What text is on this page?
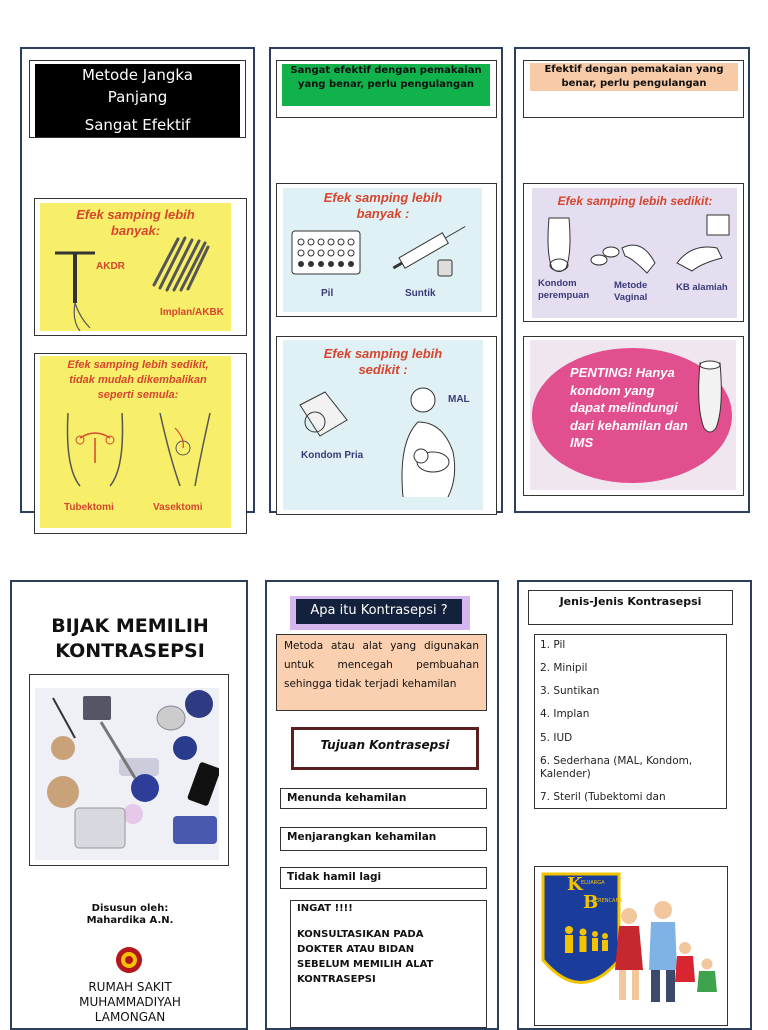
Metode Jangka
Panjang
Sangat Efektif
Efek samping lebih banyak:
AKDR
Implan/AKBK
Efek samping lebih sedikit, tidak mudah dikembalikan seperti semula:
Tubektomi	Vasektomi
Sangat efektif dengan pemakaian yang benar, perlu pengulangan
Efek samping lebih banyak :
Pil	Suntik
Efek samping lebih sedikit :
Kondom Pria
MAL
Efektif dengan pemakaian yang benar, perlu pengulangan
Efek samping lebih sedikit:
Kondom perempuan
Metode Vaginal
KB alamiah
PENTING! Hanya kondom yang dapat melindungi dari kehamilan dan IMS
BIJAK MEMILIH KONTRASEPSI
Disusun oleh:
Mahardika A.N.
RUMAH SAKIT
MUHAMMADIYAH
LAMONGAN
Apa itu Kontrasepsi ?
Metoda atau alat yang digunakan untuk mencegah pembuahan sehingga tidak terjadi kehamilan
Tujuan Kontrasepsi
Menunda kehamilan
Menjarangkan kehamilan
Tidak hamil lagi
INGAT !!!!
KONSULTASIKAN PADA DOKTER ATAU BIDAN SEBELUM MEMILIH ALAT KONTRASEPSI
Jenis-Jenis Kontrasepsi
1. Pil
2. Minipil
3. Suntikan
4. Implan
5. IUD
6. Sederhana (MAL, Kondom, Kalender)
7. Steril (Tubektomi dan
K
ELUARGA
B
ERENCANA
